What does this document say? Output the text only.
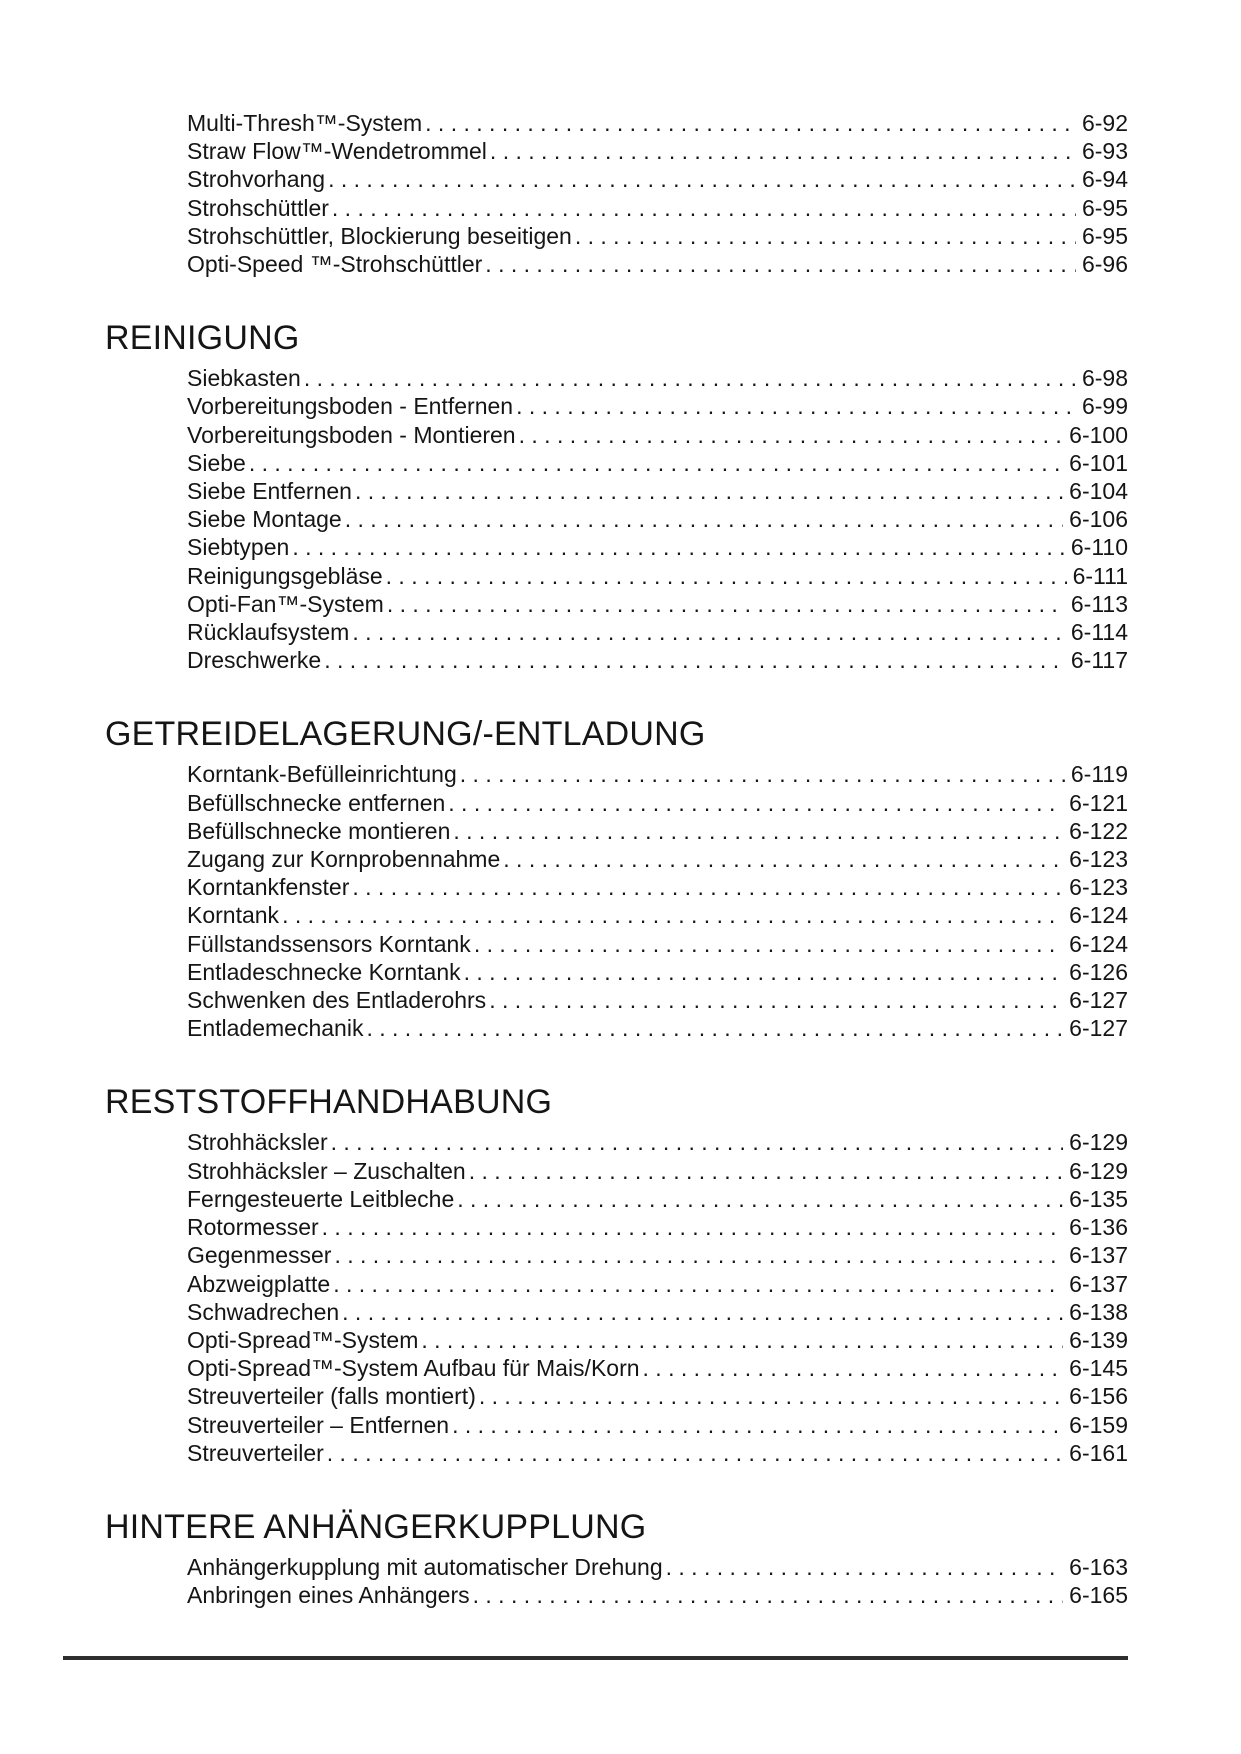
Multi-Thresh™-System . . .	6-92
Straw Flow™-Wendetrommel . . .	6-93
Strohvorhang . . .	6-94
Strohschüttler . . .	6-95
Strohschüttler, Blockierung beseitigen . . .	6-95
Opti-Speed ™-Strohschüttler . . .	6-96
REINIGUNG
Siebkasten . . .	6-98
Vorbereitungsboden - Entfernen . . .	6-99
Vorbereitungsboden - Montieren . . .	6-100
Siebe . . .	6-101
Siebe Entfernen . . .	6-104
Siebe Montage . . .	6-106
Siebtypen . . .	6-110
Reinigungsgebläse . . .	6-111
Opti-Fan™-System . . .	6-113
Rücklaufsystem . . .	6-114
Dreschwerke . . .	6-117
GETREIDELAGERUNG/-ENTLADUNG
Korntank-Befülleinrichtung . . .	6-119
Befüllschnecke entfernen . . .	6-121
Befüllschnecke montieren . . .	6-122
Zugang zur Kornprobennahme . . .	6-123
Korntankfenster . . .	6-123
Korntank . . .	6-124
Füllstandssensors Korntank . . .	6-124
Entladeschnecke Korntank . . .	6-126
Schwenken des Entladerohrs . . .	6-127
Entlademechanik . . .	6-127
RESTSTOFFHANDHABUNG
Strohhäcksler . . .	6-129
Strohhäcksler – Zuschalten . . .	6-129
Ferngesteuerte Leitbleche . . .	6-135
Rotormesser . . .	6-136
Gegenmesser . . .	6-137
Abzweigplatte . . .	6-137
Schwadrechen . . .	6-138
Opti-Spread™-System . . .	6-139
Opti-Spread™-System Aufbau für Mais/Korn . . .	6-145
Streuverteiler (falls montiert) . . .	6-156
Streuverteiler – Entfernen . . .	6-159
Streuverteiler . . .	6-161
HINTERE ANHÄNGERKUPPLUNG
Anhängerkupplung mit automatischer Drehung . . .	6-163
Anbringen eines Anhängers . . .	6-165
